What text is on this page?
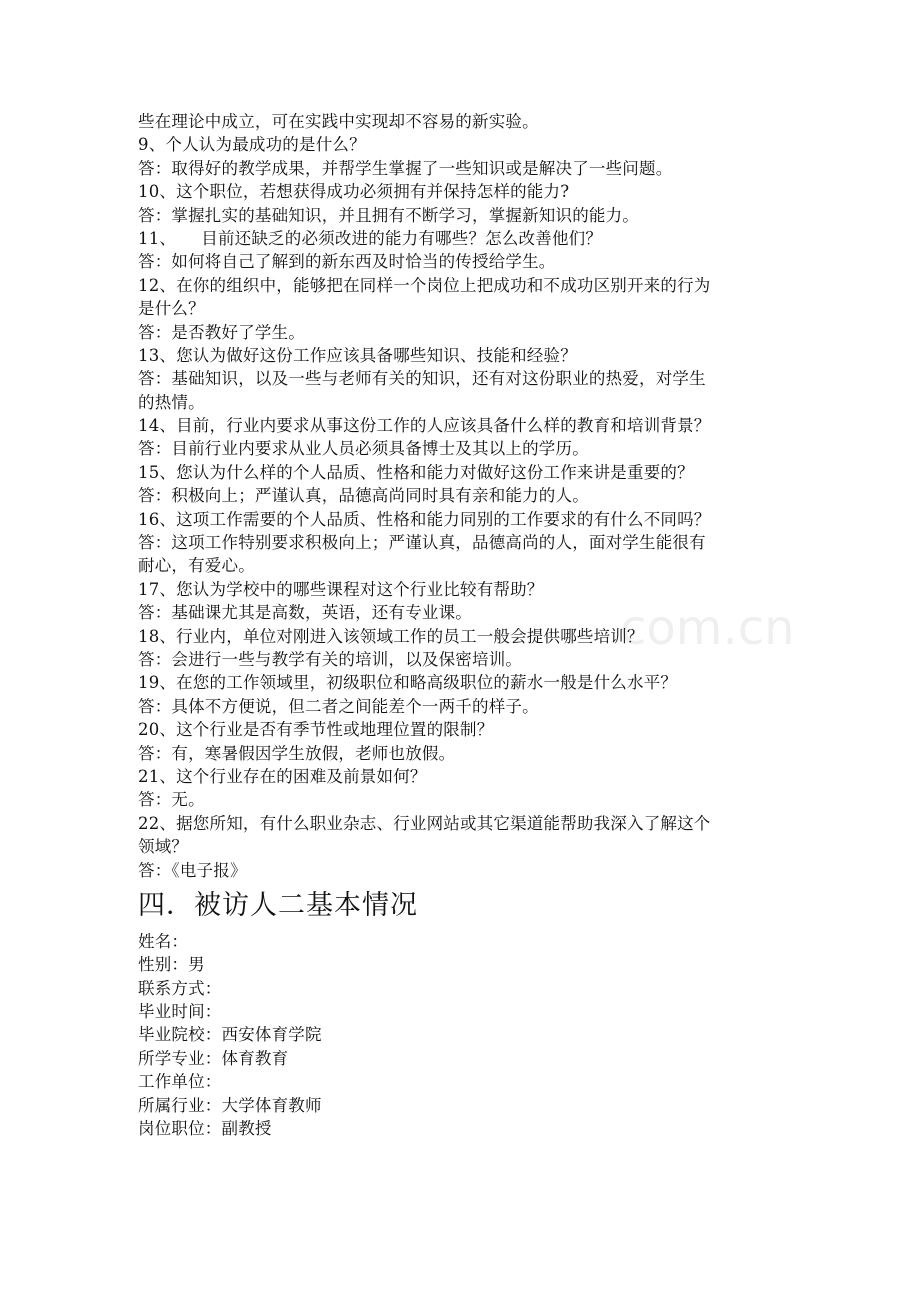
com.cn
些在理论中成立，可在实践中实现却不容易的新实验。
9、个人认为最成功的是什么？
答：取得好的教学成果，并帮学生掌握了一些知识或是解决了一些问题。
10、这个职位，若想获得成功必须拥有并保持怎样的能力?
答：掌握扎实的基础知识，并且拥有不断学习，掌握新知识的能力。
11、　　目前还缺乏的必须改进的能力有哪些？怎么改善他们？
答：如何将自己了解到的新东西及时恰当的传授给学生。
12、在你的组织中，能够把在同样一个岗位上把成功和不成功区别开来的行为
是什么？
答：是否教好了学生。
13、您认为做好这份工作应该具备哪些知识、技能和经验？
答：基础知识，以及一些与老师有关的知识，还有对这份职业的热爱，对学生
的热情。
14、目前，行业内要求从事这份工作的人应该具备什么样的教育和培训背景？
答：目前行业内要求从业人员必须具备博士及其以上的学历。
15、您认为什么样的个人品质、性格和能力对做好这份工作来讲是重要的？
答：积极向上；严谨认真，品德高尚同时具有亲和能力的人。
16、这项工作需要的个人品质、性格和能力同别的工作要求的有什么不同吗？
答：这项工作特别要求积极向上；严谨认真，品德高尚的人，面对学生能很有
耐心，有爱心。
17、您认为学校中的哪些课程对这个行业比较有帮助？
答：基础课尤其是高数，英语，还有专业课。
18、行业内，单位对刚进入该领域工作的员工一般会提供哪些培训？
答：会进行一些与教学有关的培训，以及保密培训。
19、在您的工作领域里，初级职位和略高级职位的薪水一般是什么水平？
答：具体不方便说，但二者之间能差个一两千的样子。
20、这个行业是否有季节性或地理位置的限制？
答：有，寒暑假因学生放假，老师也放假。
21、这个行业存在的困难及前景如何？
答：无。
22、据您所知，有什么职业杂志、行业网站或其它渠道能帮助我深入了解这个
领域？
答：《电子报》
四．被访人二基本情况
姓名：
性别：男
联系方式：
毕业时间：
毕业院校：西安体育学院
所学专业：体育教育
工作单位：
所属行业：大学体育教师
岗位职位：副教授
